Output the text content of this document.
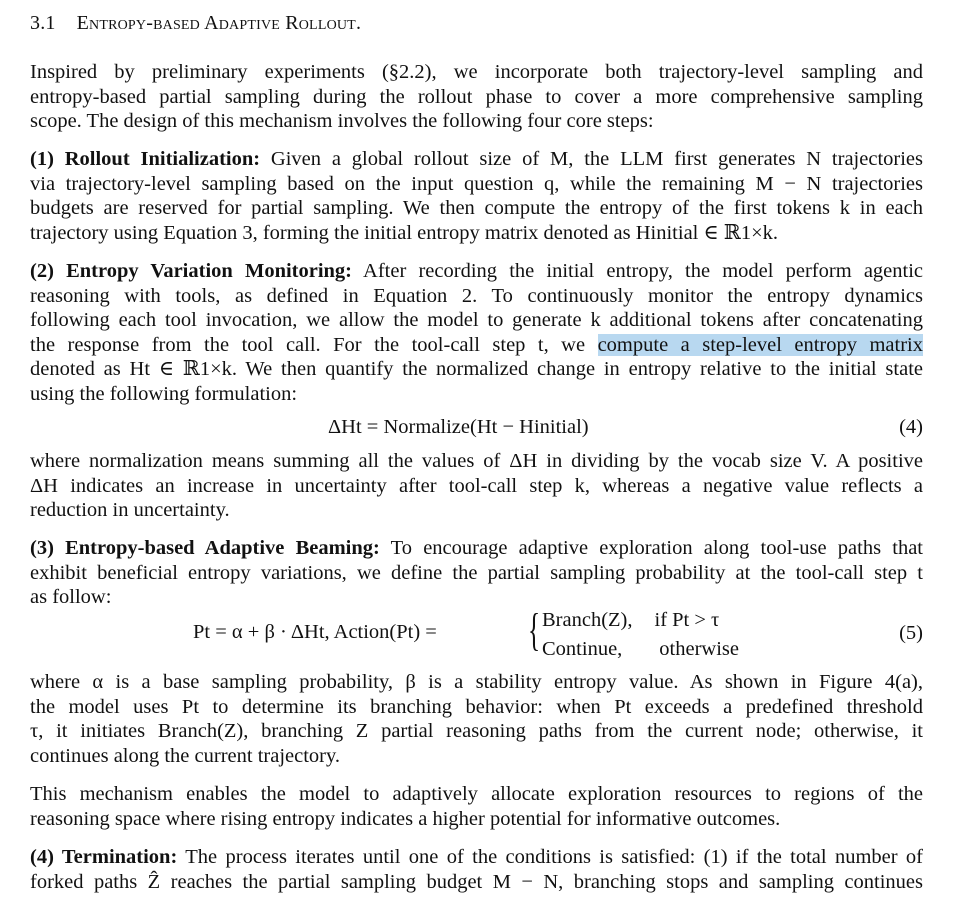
3.1 Entropy-based Adaptive Rollout.
Inspired by preliminary experiments (§2.2), we incorporate both trajectory-level sampling and
entropy-based partial sampling during the rollout phase to cover a more comprehensive sampling
scope. The design of this mechanism involves the following four core steps:
(1) Rollout Initialization: Given a global rollout size of M, the LLM first generates N trajectories
via trajectory-level sampling based on the input question q, while the remaining M − N trajectories
budgets are reserved for partial sampling. We then compute the entropy of the first tokens k in each
trajectory using Equation 3, forming the initial entropy matrix denoted as Hinitial ∈ ℝ1×k.
(2) Entropy Variation Monitoring: After recording the initial entropy, the model perform agentic
reasoning with tools, as defined in Equation 2. To continuously monitor the entropy dynamics
following each tool invocation, we allow the model to generate k additional tokens after concatenating
the response from the tool call. For the tool-call step t, we compute a step-level entropy matrix
denoted as Ht ∈ ℝ1×k. We then quantify the normalized change in entropy relative to the initial state
using the following formulation:
ΔHt = Normalize(Ht − Hinitial)	(4)
where normalization means summing all the values of ΔH in dividing by the vocab size V. A positive
ΔH indicates an increase in uncertainty after tool-call step k, whereas a negative value reflects a
reduction in uncertainty.
(3) Entropy-based Adaptive Beaming: To encourage adaptive exploration along tool-use paths that
exhibit beneficial entropy variations, we define the partial sampling probability at the tool-call step t
as follow:
Pt = α + β · ΔHt, Action(Pt) = { Branch(Z), if Pt > τ
Continue, otherwise
(5)
where α is a base sampling probability, β is a stability entropy value. As shown in Figure 4(a),
the model uses Pt to determine its branching behavior: when Pt exceeds a predefined threshold
τ, it initiates Branch(Z), branching Z partial reasoning paths from the current node; otherwise, it
continues along the current trajectory.
This mechanism enables the model to adaptively allocate exploration resources to regions of the
reasoning space where rising entropy indicates a higher potential for informative outcomes.
(4) Termination: The process iterates until one of the conditions is satisfied: (1) if the total number of
forked paths Ẑ reaches the partial sampling budget M − N, branching stops and sampling continues
